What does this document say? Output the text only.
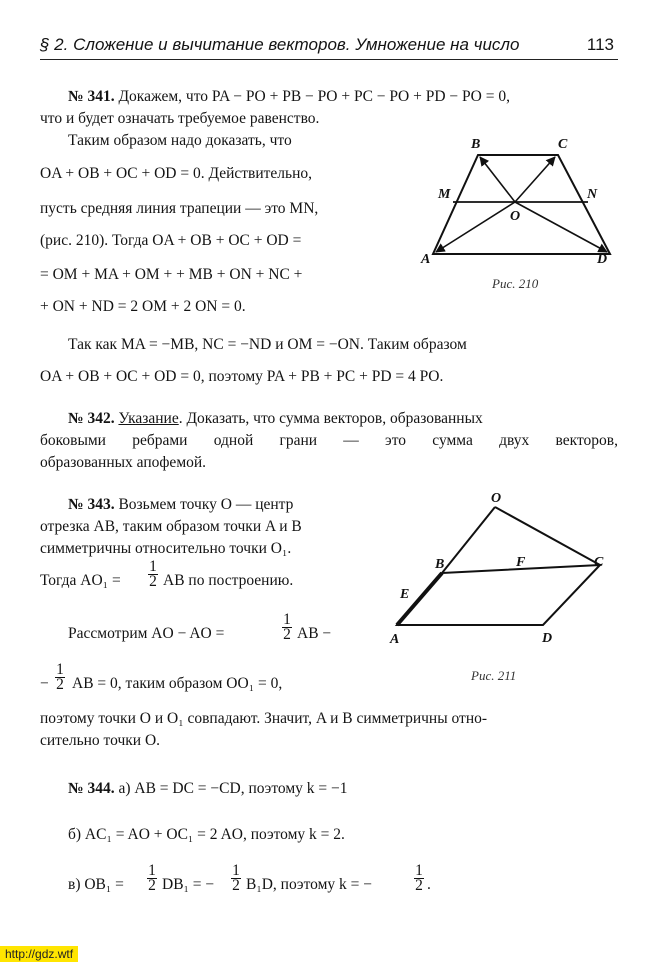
§ 2. Сложение и вычитание векторов. Умножение на число	113
№ 341. Докажем, что PA − PO + PB − PO + PC − PO + PD − PO = 0,
что и будет означать требуемое равенство.
Таким образом надо доказать, что
OA + OB + OC + OD = 0. Действительно,
пусть средняя линия трапеции — это MN,
(рис. 210). Тогда OA + OB + OC + OD =
= OM + MA + OM + + MB + ON + NC +
+ ON + ND = 2 OM + 2 ON = 0.
Так как MA = −MB, NC = −ND и OM = −ON. Таким образом
OA + OB + OC + OD = 0, поэтому PA + PB + PC + PD = 4 PO.
B	C
M	N
O
A	D
Рис. 210
№ 342. Указание. Доказать, что сумма векторов, образованных
боковыми ребрами одной грани — это сумма двух векторов,
образованных апофемой.
№ 343. Возьмем точку O — центр
отрезка AB, таким образом точки A и B
симметричны относительно точки O₁.
Тогда AO₁ =
1
2 AB по построению.
Рассмотрим AO − AO =
1
2 AB −
−
1
2 AB = 0, таким образом OO₁ = 0,
поэтому точки O и O₁ совпадают. Значит, A и B симметричны отно-
сительно точки O.
O
B	F	C
E
A	D
Рис. 211
№ 344. а) AB = DC = −CD, поэтому k = −1
б) AC₁ = AO + OC₁ = 2 AO, поэтому k = 2.
в) OB₁ =
1
2 DB₁ = −
1
2 B₁D, поэтому k = −
1
2 .
http://gdz.wtf
